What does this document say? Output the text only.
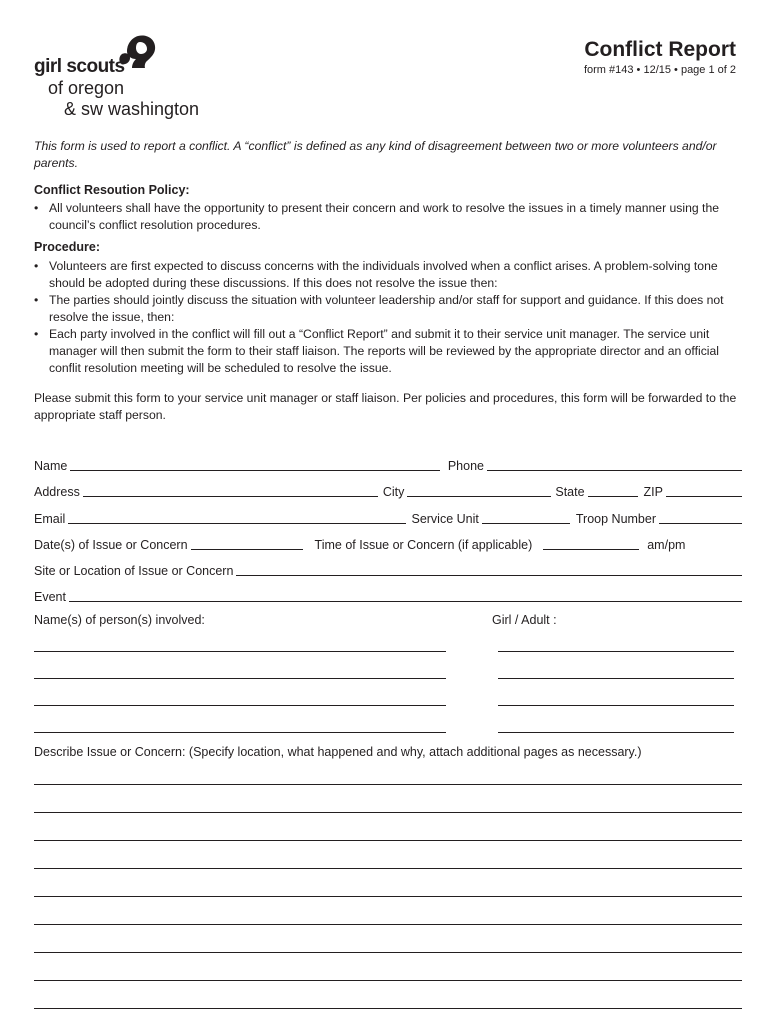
girl scouts
of oregon
& sw washington
Conflict Report
form #143 • 12/15 • page 1 of 2
This form is used to report a conflict. A “conflict” is defined as any kind of disagreement between two or more volunteers and/or parents.
Conflict Resoution Policy:
• All volunteers shall have the opportunity to present their concern and work to resolve the issues in a timely manner using the council’s conflict resolution procedures.
Procedure:
• Volunteers are first expected to discuss concerns with the individuals involved when a conflict arises. A problem-solving tone should be adopted during these discussions. If this does not resolve the issue then:
• The parties should jointly discuss the situation with volunteer leadership and/or staff for support and guidance. If this does not resolve the issue, then:
• Each party involved in the conflict will fill out a “Conflict Report” and submit it to their service unit manager. The service unit manager will then submit the form to their staff liaison. The reports will be reviewed by the appropriate director and an official conflit resolution meeting will be scheduled to resolve the issue.
Please submit this form to your service unit manager or staff liaison. Per policies and procedures, this form will be forwarded to the appropriate staff person.
Name	Phone
Address	City	State	ZIP
Email	Service Unit	Troop Number
Date(s) of Issue or Concern	Time of Issue or Concern (if applicable)	am/pm
Site or Location of Issue or Concern
Event
Name(s) of person(s) involved:	Girl / Adult :
Describe Issue or Concern: (Specify location, what happened and why, attach additional pages as necessary.)
